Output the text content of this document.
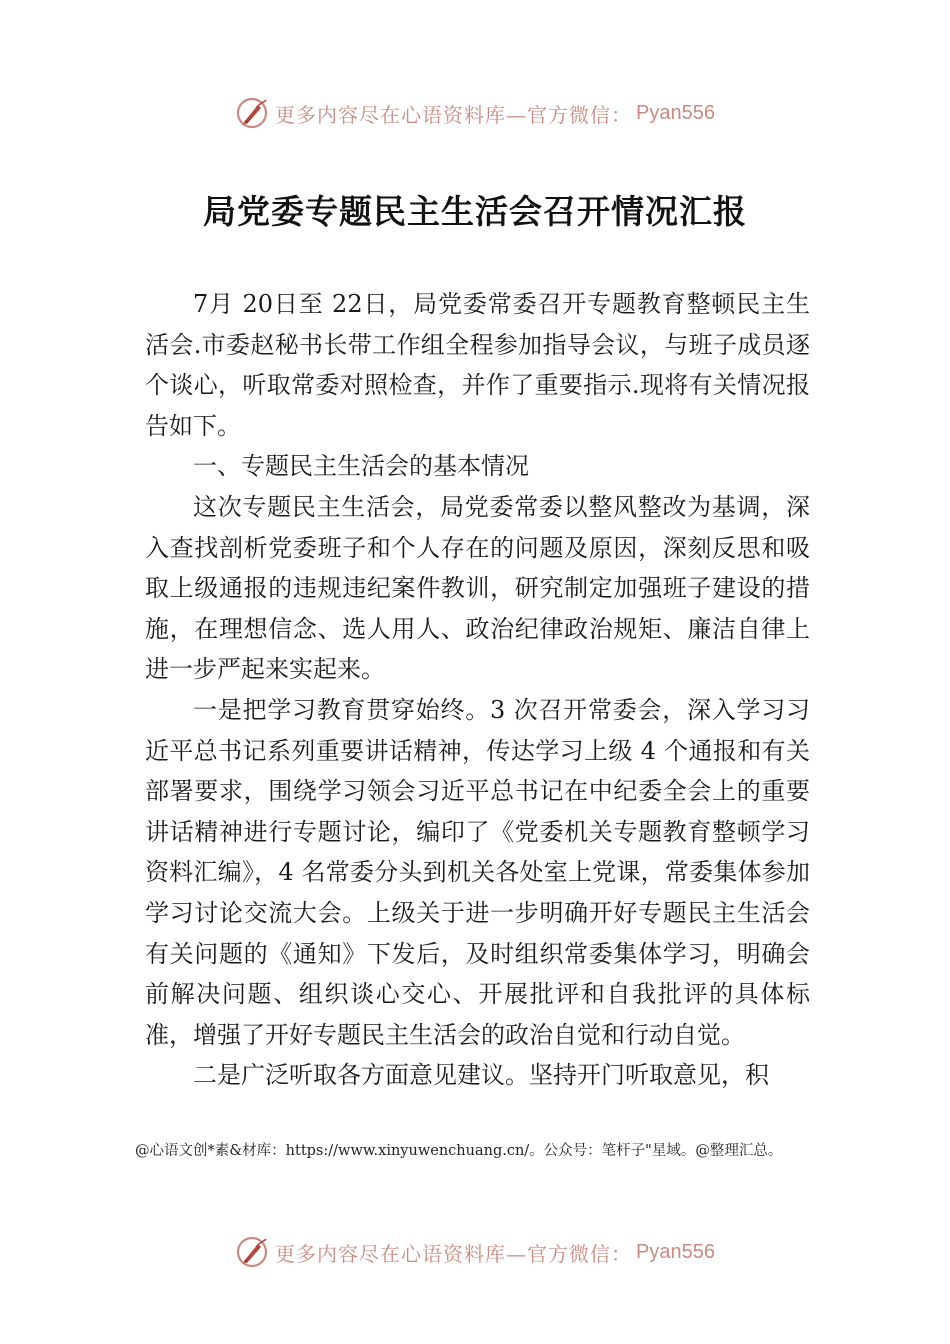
更多内容尽在心语资料库—官方微信： Pyan556
局党委专题民主生活会召开情况汇报

7月 20日至 22日，局党委常委召开专题教育整顿民主生活会.市委赵秘书长带工作组全程参加指导会议，与班子成员逐个谈心，听取常委对照检查，并作了重要指示.现将有关情况报告如下。

一、专题民主生活会的基本情况

这次专题民主生活会，局党委常委以整风整改为基调，深入查找剖析党委班子和个人存在的问题及原因，深刻反思和吸取上级通报的违规违纪案件教训，研究制定加强班子建设的措施，在理想信念、选人用人、政治纪律政治规矩、廉洁自律上进一步严起来实起来。

一是把学习教育贯穿始终。3 次召开常委会，深入学习习近平总书记系列重要讲话精神，传达学习上级 4 个通报和有关部署要求，围绕学习领会习近平总书记在中纪委全会上的重要讲话精神进行专题讨论，编印了《党委机关专题教育整顿学习资料汇编》，4 名常委分头到机关各处室上党课，常委集体参加学习讨论交流大会。上级关于进一步明确开好专题民主生活会有关问题的《通知》下发后，及时组织常委集体学习，明确会前解决问题、组织谈心交心、开展批评和自我批评的具体标准，增强了开好专题民主生活会的政治自觉和行动自觉。

二是广泛听取各方面意见建议。坚持开门听取意见，积

@心语文创*素&材库：https://www.xinyuwenchuang.cn/。公众号：笔杆子"星域。@整理汇总。
更多内容尽在心语资料库—官方微信： Pyan556
